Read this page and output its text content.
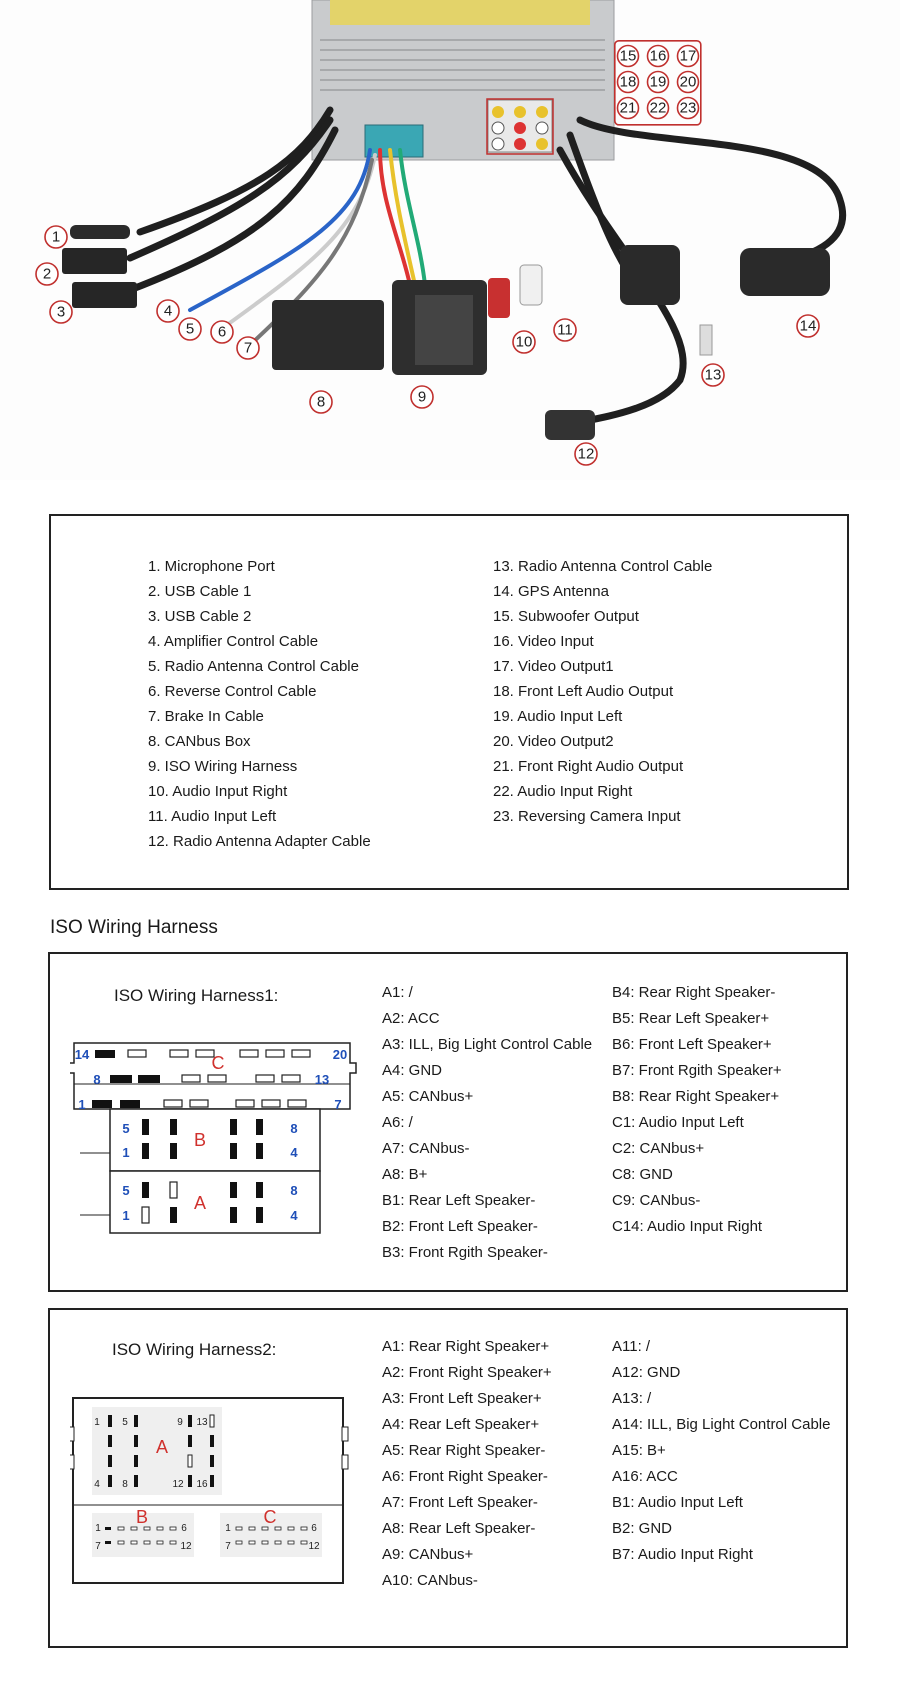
15 16 17
18 19 20
21 22 23
1
2
3	4
5 6
7
8	9
10
11
12
13
14
1. Microphone Port
2. USB Cable 1
3. USB Cable 2
4. Amplifier Control Cable
5. Radio Antenna Control Cable
6. Reverse Control Cable
7. Brake In Cable
8. CANbus Box
9. ISO Wiring Harness
10. Audio Input Right
11. Audio Input Left
12. Radio Antenna Adapter Cable
13. Radio Antenna Control Cable
14. GPS Antenna
15. Subwoofer Output
16. Video Input
17. Video Output1
18. Front Left Audio Output
19. Audio Input Left
20. Video Output2
21. Front Right Audio Output
22. Audio Input Right
23. Reversing Camera Input
ISO Wiring Harness
ISO Wiring Harness1:
C
B
A
14	20
8	13
1	7
5	8
1	4
5	8
1	4
A1: /
A2: ACC
A3: ILL, Big Light Control Cable
A4: GND
A5: CANbus+
A6: /
A7: CANbus-
A8: B+
B1: Rear Left Speaker-
B2: Front Left Speaker-
B3: Front Rgith Speaker-
B4: Rear Right Speaker-
B5: Rear Left Speaker+
B6: Front Left Speaker+
B7: Front Rgith Speaker+
B8: Rear Right Speaker+
C1: Audio Input Left
C2: CANbus+
C8: GND
C9: CANbus-
C14: Audio Input Right
ISO Wiring Harness2:
A
B	C
1 5	9 13
4 8	12 16
1	6
7	12
1	6
7	12
A1: Rear Right Speaker+
A2: Front Right Speaker+
A3: Front Left Speaker+
A4: Rear Left Speaker+
A5: Rear Right Speaker-
A6: Front Right Speaker-
A7: Front Left Speaker-
A8: Rear Left Speaker-
A9: CANbus+
A10: CANbus-
A11: /
A12: GND
A13: /
A14: ILL, Big Light Control Cable
A15: B+
A16: ACC
B1: Audio Input Left
B2: GND
B7: Audio Input Right
